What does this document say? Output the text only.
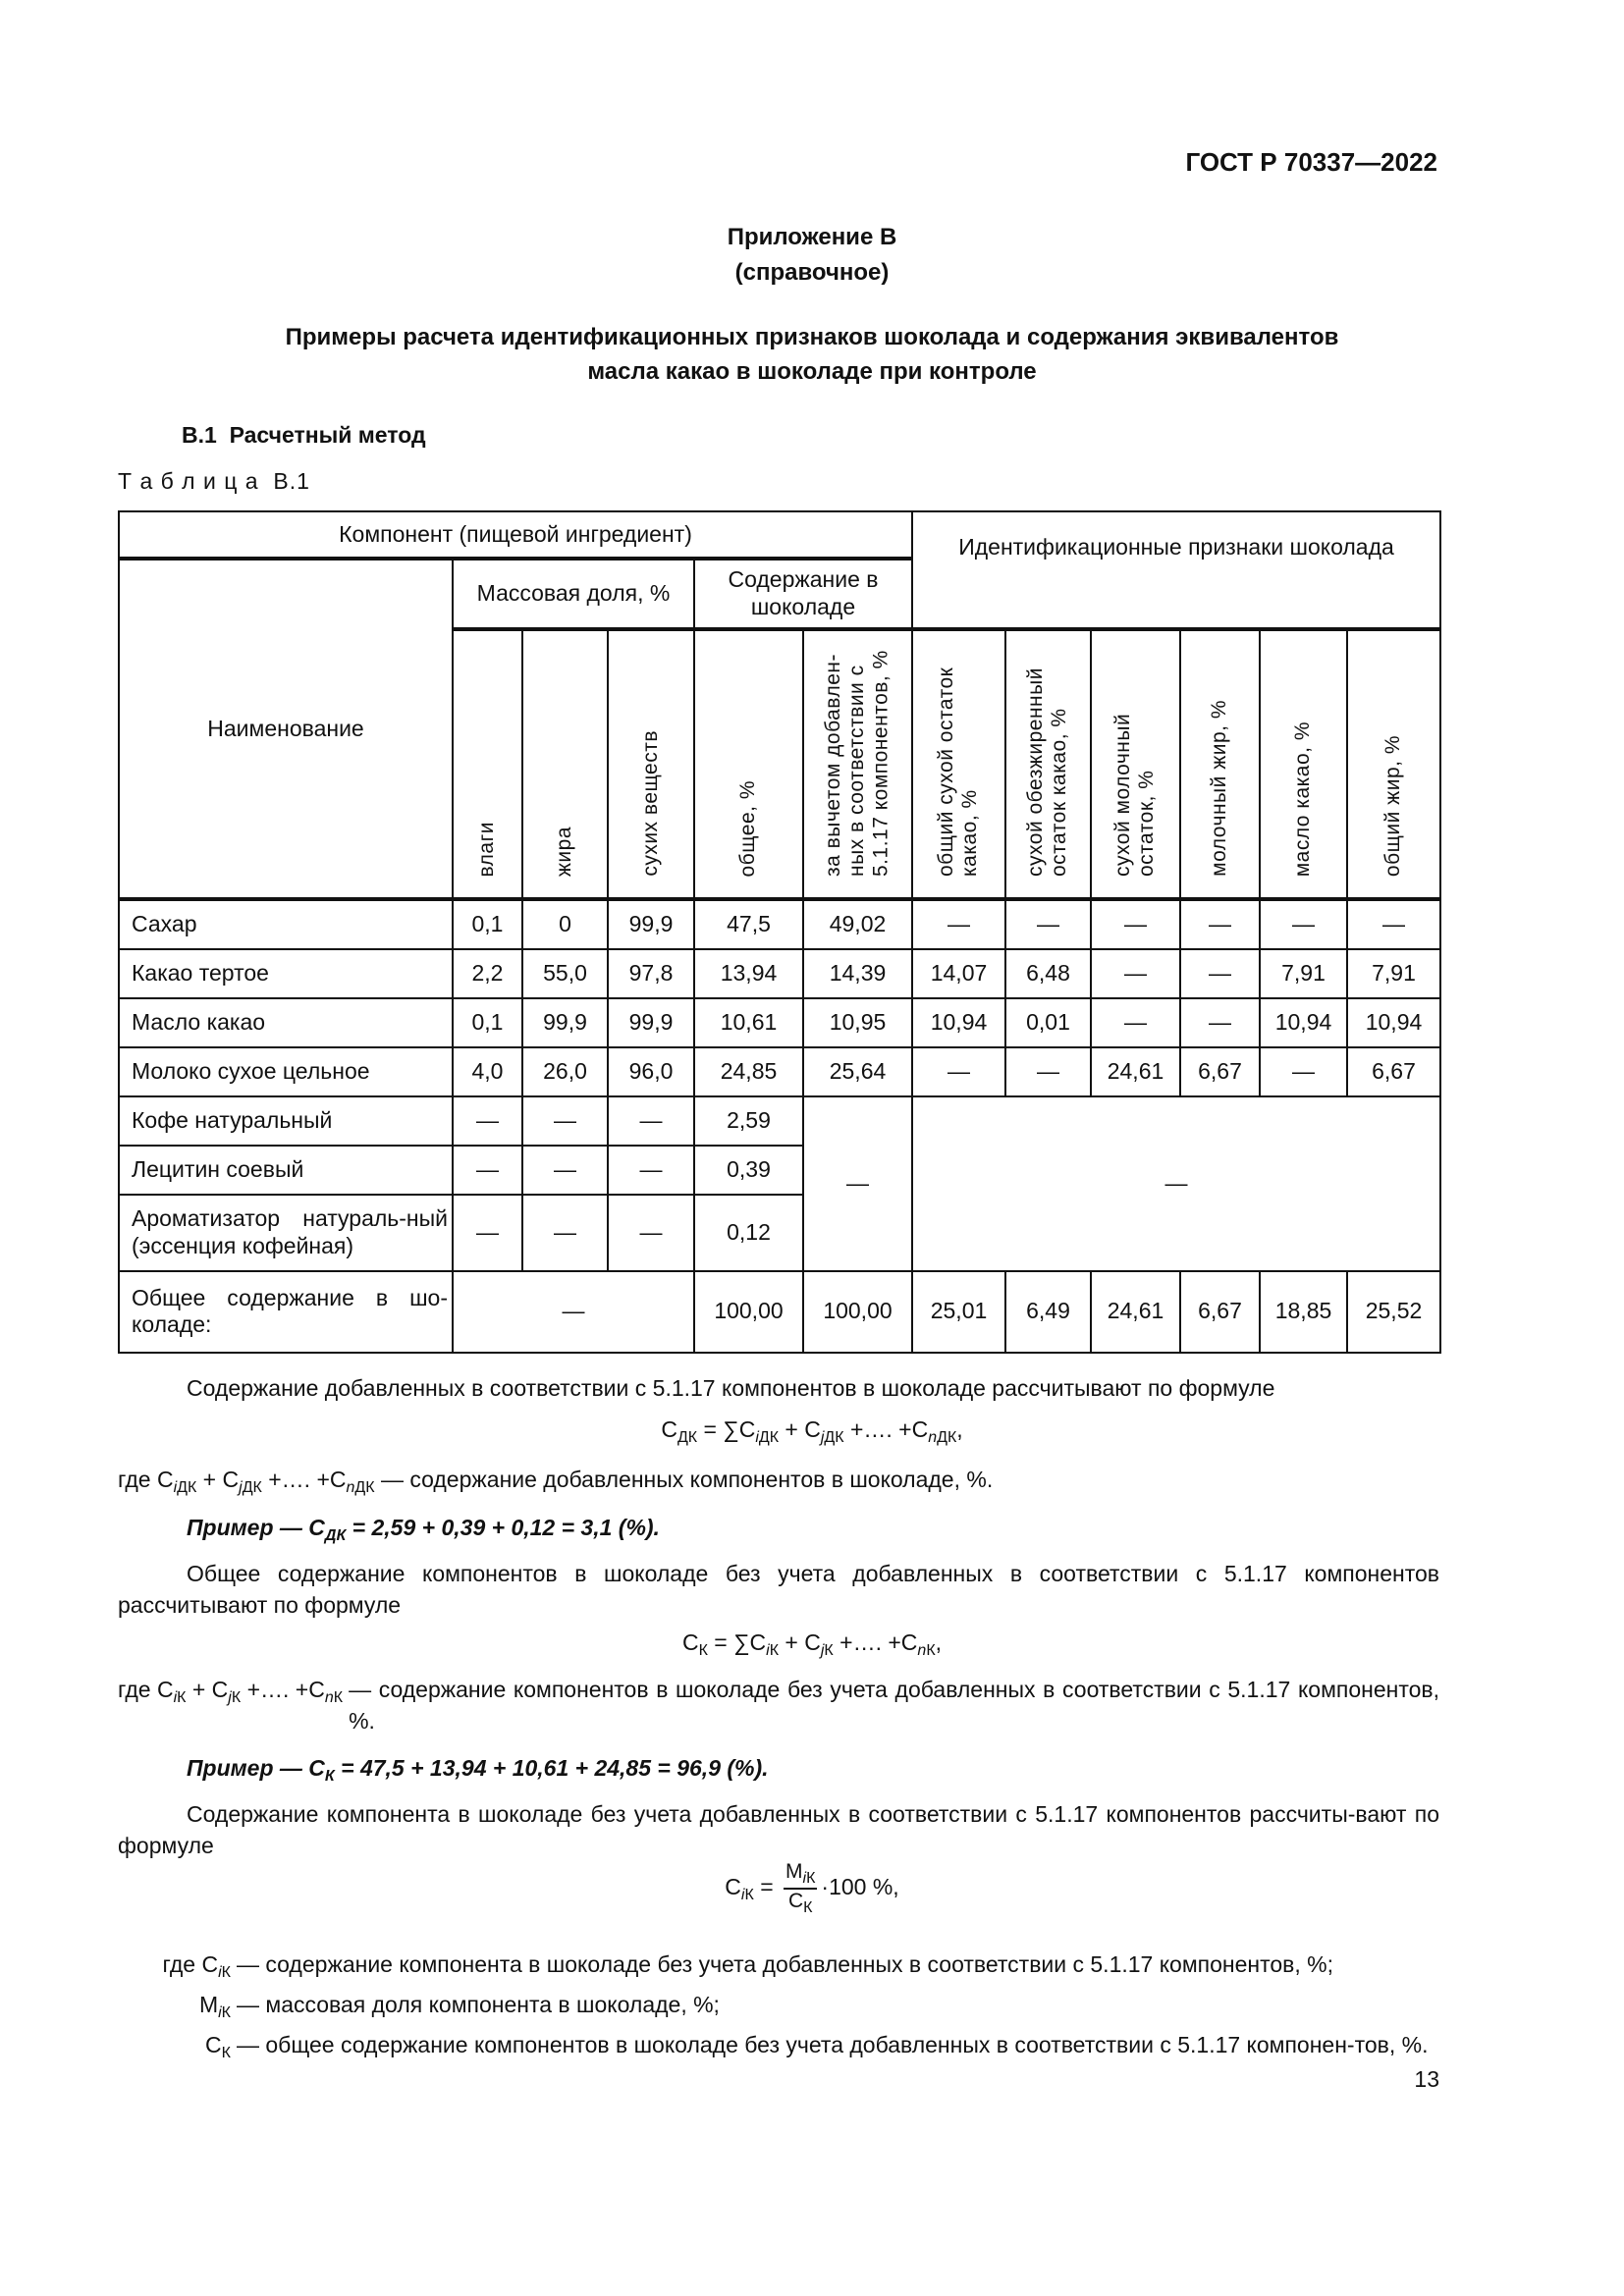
ГОСТ Р 70337—2022
Приложение В
(справочное)
Примеры расчета идентификационных признаков шоколада и содержания эквивалентов
масла какао в шоколаде при контроле
В.1 Расчетный метод
Т а б л и ц а  В.1
Компонент (пищевой ингредиент)						Идентификационные признаки шоколада					
Наименование	Массовая доля, %			Содержание в шоколаде							
	влаги	жира	сухих веществ	общее, %	за вычетом добавлен-ных в соответствии с 5.1.17 компонентов, %	общий сухой остаток какао, %	сухой обезжиренный остаток какао, %	сухой молочный остаток, %	молочный жир, %	масло какао, %	общий жир, %
Сахар	0,1	0	99,9	47,5	49,02	—	—	—	—	—	—
Какао тертое	2,2	55,0	97,8	13,94	14,39	14,07	6,48	—	—	7,91	7,91
Масло какао	0,1	99,9	99,9	10,61	10,95	10,94	0,01	—	—	10,94	10,94
Молоко сухое цельное	4,0	26,0	96,0	24,85	25,64	—	—	24,61	6,67	—	6,67
Кофе натуральный	—	—	—	2,59	—	—					
Лецитин соевый	—	—	—	0,39							
Ароматизатор натураль-ный (эссенция кофейная)	—	—	—	0,12							
Общее содержание в шо-коладе:	—			100,00	100,00	25,01	6,49	24,61	6,67	18,85	25,52
Содержание добавленных в соответствии с 5.1.17 компонентов в шоколаде рассчитывают по формуле
$С_{ДК} = \sum С_{iДК} + С_{jДК}$ +…. $+С_{nДК}$,
где $С_{iДК} + С_{jДК}$ +…. $+С_{nДК}$ — содержание добавленных компонентов в шоколаде, %.
Пример — $С_{ДК} = 2,59 + 0,39 + 0,12 = 3,1$ (%).
Общее содержание компонентов в шоколаде без учета добавленных в соответствии с 5.1.17 компонентов рассчитывают по формуле
$С_К = \sum С_{iК} + С_{jК}$ +…. $+С_{nК}$,
где $С_{iК} + С_{jК}$ +…. $+С_{nК}$ — содержание компонентов в шоколаде без учета добавленных в соответствии с 5.1.17 компонентов, %.
Пример — $С_К = 47,5 + 13,94 + 10,61 + 24,85 = 96,9$ (%).
Содержание компонента в шоколаде без учета добавленных в соответствии с 5.1.17 компонентов рассчиты-вают по формуле
$С_{iК} = \frac{М_{iК}}{С_К} \cdot 100$ %,
где $С_{iК}$ — содержание компонента в шоколаде без учета добавленных в соответствии с 5.1.17 компонентов, %;
$М_{iК}$ — массовая доля компонента в шоколаде, %;
$С_К$ — общее содержание компонентов в шоколаде без учета добавленных в соответствии с 5.1.17 компонен-тов, %.
13
